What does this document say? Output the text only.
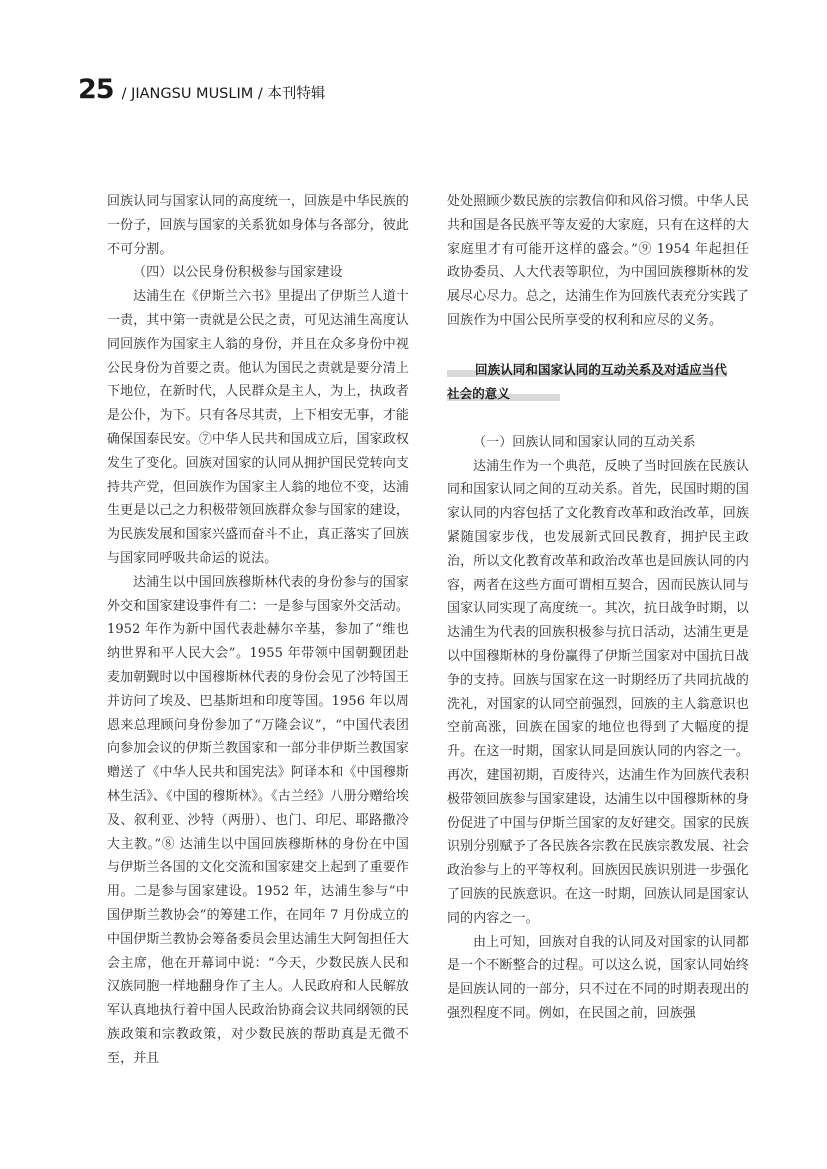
25 / JIANGSU MUSLIM / 本刊特辑

回族认同与国家认同的高度统一，回族是中华民族的一份子，回族与国家的关系犹如身体与各部分，彼此不可分割。

（四）以公民身份积极参与国家建设

达浦生在《伊斯兰六书》里提出了伊斯兰人道十一责，其中第一责就是公民之责，可见达浦生高度认同回族作为国家主人翁的身份，并且在众多身份中视公民身份为首要之责。他认为国民之责就是要分清上下地位，在新时代，人民群众是主人，为上，执政者是公仆，为下。只有各尽其责，上下相安无事，才能确保国泰民安。⑦中华人民共和国成立后，国家政权发生了变化。回族对国家的认同从拥护国民党转向支持共产党，但回族作为国家主人翁的地位不变，达浦生更是以己之力积极带领回族群众参与国家的建设，为民族发展和国家兴盛而奋斗不止，真正落实了回族与国家同呼吸共命运的说法。

达浦生以中国回族穆斯林代表的身份参与的国家外交和国家建设事件有二：一是参与国家外交活动。1952 年作为新中国代表赴赫尔辛基，参加了“维也纳世界和平人民大会”。1955 年带领中国朝觐团赴麦加朝觐时以中国穆斯林代表的身份会见了沙特国王并访问了埃及、巴基斯坦和印度等国。1956 年以周恩来总理顾问身份参加了“万隆会议”，“中国代表团向参加会议的伊斯兰教国家和一部分非伊斯兰教国家赠送了《中华人民共和国宪法》阿译本和《中国穆斯林生活》、《中国的穆斯林》。《古兰经》八册分赠给埃及、叙利亚、沙特（两册）、也门、印尼、耶路撒冷大主教。”⑧ 达浦生以中国回族穆斯林的身份在中国与伊斯兰各国的文化交流和国家建交上起到了重要作用。二是参与国家建设。1952 年，达浦生参与“中国伊斯兰教协会”的筹建工作，在同年 7 月份成立的中国伊斯兰教协会筹备委员会里达浦生大阿訇担任大会主席，他在开幕词中说：“今天，少数民族人民和汉族同胞一样地翻身作了主人。人民政府和人民解放军认真地执行着中国人民政治协商会议共同纲领的民族政策和宗教政策，对少数民族的帮助真是无微不至，并且

处处照顾少数民族的宗教信仰和风俗习惯。中华人民共和国是各民族平等友爱的大家庭，只有在这样的大家庭里才有可能开这样的盛会。”⑨ 1954 年起担任政协委员、人大代表等职位，为中国回族穆斯林的发展尽心尽力。总之，达浦生作为回族代表充分实践了回族作为中国公民所享受的权利和应尽的义务。

回族认同和国家认同的互动关系及对适应当代
社会的意义

（一）回族认同和国家认同的互动关系

达浦生作为一个典范，反映了当时回族在民族认同和国家认同之间的互动关系。首先，民国时期的国家认同的内容包括了文化教育改革和政治改革，回族紧随国家步伐，也发展新式回民教育，拥护民主政治，所以文化教育改革和政治改革也是回族认同的内容，两者在这些方面可谓相互契合，因而民族认同与国家认同实现了高度统一。其次，抗日战争时期，以达浦生为代表的回族积极参与抗日活动，达浦生更是以中国穆斯林的身份赢得了伊斯兰国家对中国抗日战争的支持。回族与国家在这一时期经历了共同抗战的洗礼，对国家的认同空前强烈，回族的主人翁意识也空前高涨，回族在国家的地位也得到了大幅度的提升。在这一时期，国家认同是回族认同的内容之一。再次，建国初期，百废待兴，达浦生作为回族代表积极带领回族参与国家建设，达浦生以中国穆斯林的身份促进了中国与伊斯兰国家的友好建交。国家的民族识别分别赋予了各民族各宗教在民族宗教发展、社会政治参与上的平等权利。回族因民族识别进一步强化了回族的民族意识。在这一时期，回族认同是国家认同的内容之一。

由上可知，回族对自我的认同及对国家的认同都是一个不断整合的过程。可以这么说，国家认同始终是回族认同的一部分，只不过在不同的时期表现出的强烈程度不同。例如，在民国之前，回族强
